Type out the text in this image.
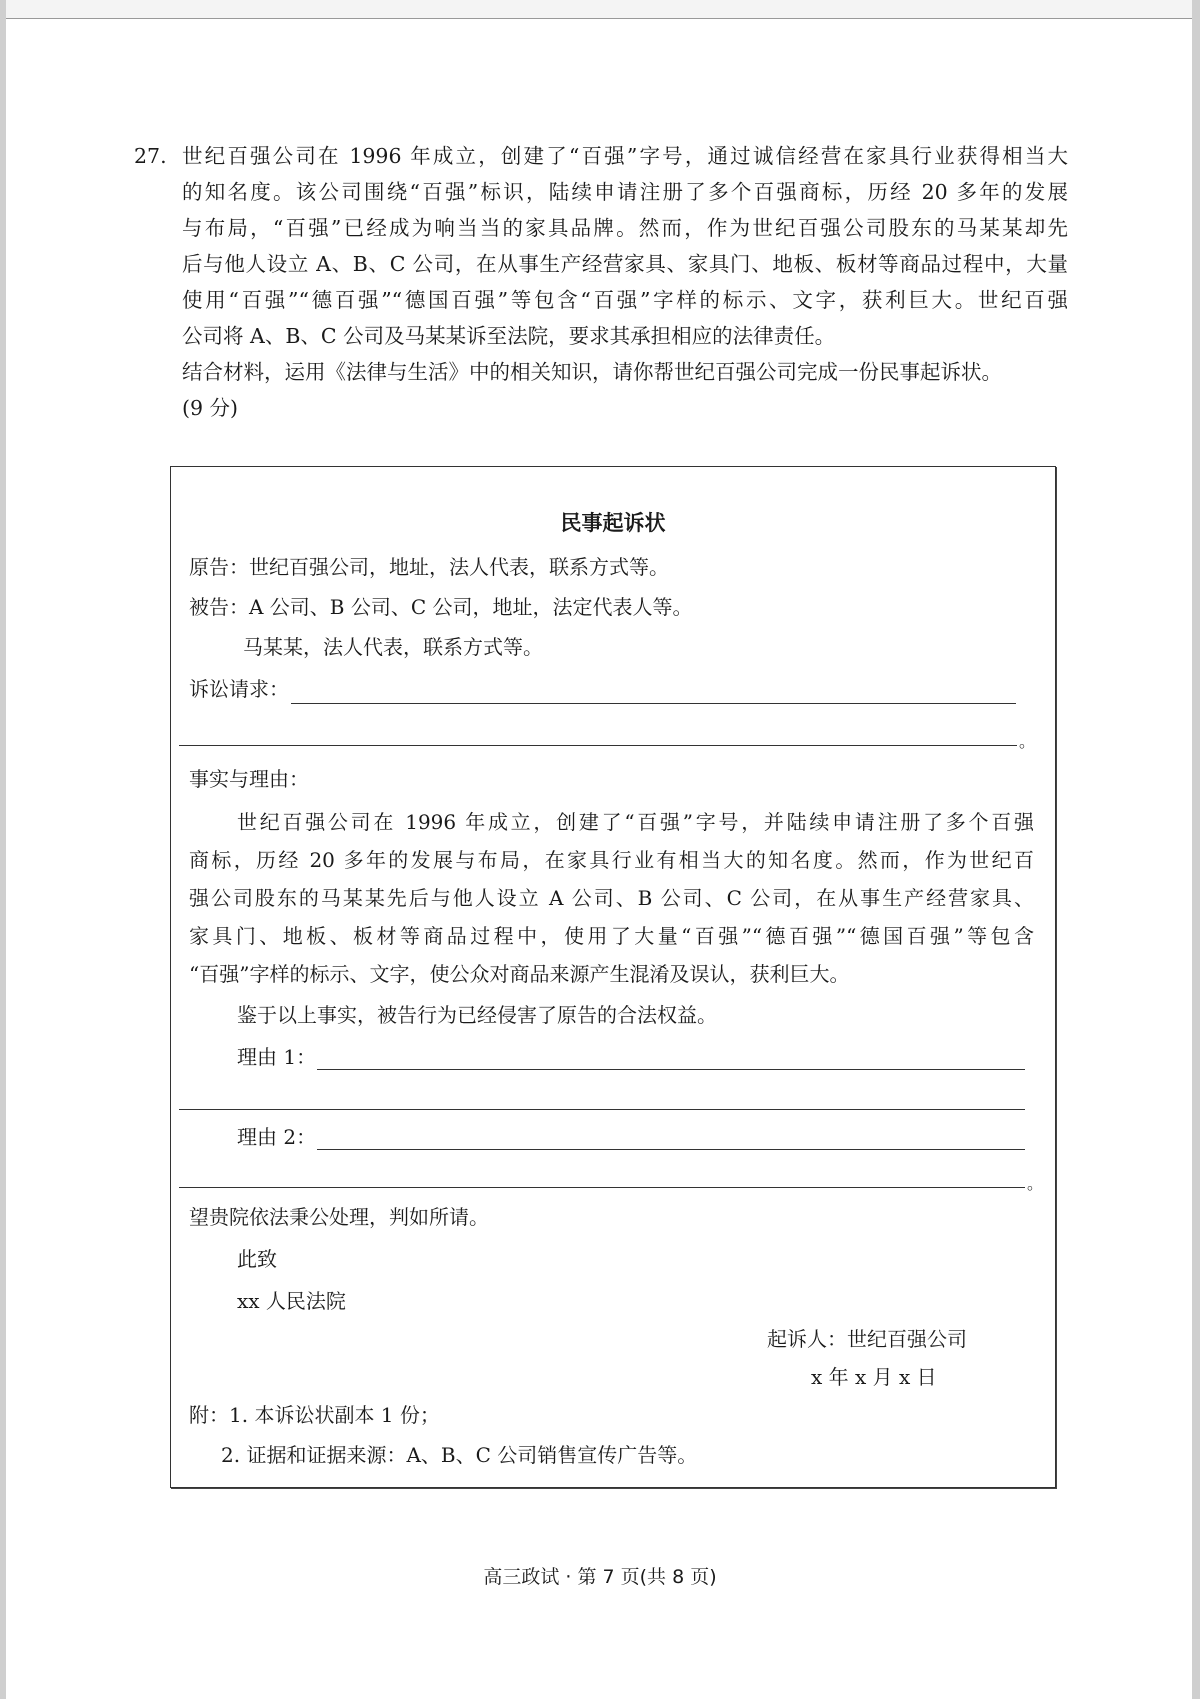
27. 世纪百强公司在 1996 年成立，创建了“百强”字号，通过诚信经营在家具行业获得相当大
的知名度。该公司围绕“百强”标识，陆续申请注册了多个百强商标，历经 20 多年的发展
与布局，“百强”已经成为响当当的家具品牌。然而，作为世纪百强公司股东的马某某却先
后与他人设立 A、B、C 公司，在从事生产经营家具、家具门、地板、板材等商品过程中，大量
使用“百强”“德百强”“德国百强”等包含“百强”字样的标示、文字，获利巨大。世纪百强
公司将 A、B、C 公司及马某某诉至法院，要求其承担相应的法律责任。
结合材料，运用《法律与生活》中的相关知识，请你帮世纪百强公司完成一份民事起诉状。
(9 分)
民事起诉状
原告：世纪百强公司，地址，法人代表，联系方式等。
被告：A 公司、B 公司、C 公司，地址，法定代表人等。
马某某，法人代表，联系方式等。
诉讼请求：
。
事实与理由：
世纪百强公司在 1996 年成立，创建了“百强”字号，并陆续申请注册了多个百强
商标，历经 20 多年的发展与布局，在家具行业有相当大的知名度。然而，作为世纪百
强公司股东的马某某先后与他人设立 A 公司、B 公司、C 公司，在从事生产经营家具、
家具门、地板、板材等商品过程中，使用了大量“百强”“德百强”“德国百强”等包含
“百强”字样的标示、文字，使公众对商品来源产生混淆及误认，获利巨大。
鉴于以上事实，被告行为已经侵害了原告的合法权益。
理由 1：
理由 2：
。
望贵院依法秉公处理，判如所请。
此致
xx 人民法院
起诉人：世纪百强公司
x 年 x 月 x 日
附：1. 本诉讼状副本 1 份；
2. 证据和证据来源：A、B、C 公司销售宣传广告等。
高三政试 · 第 7 页(共 8 页)
